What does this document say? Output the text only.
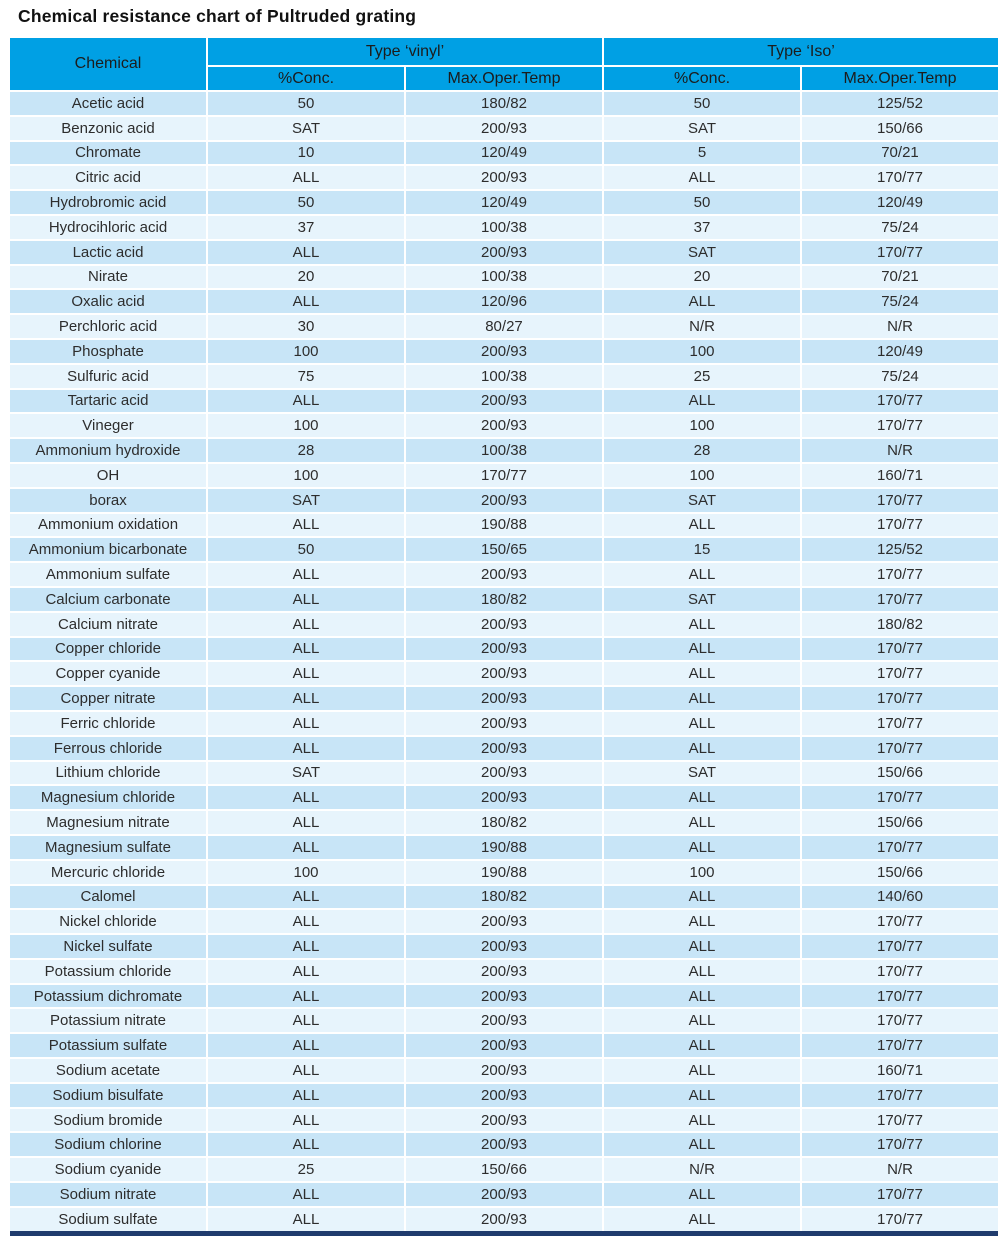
Chemical resistance chart of Pultruded grating
Chemical
Type ‘vinyl’	Type ‘Iso’
%Conc.	Max.Oper.Temp	%Conc.	Max.Oper.Temp
Acetic acid	50	180/82	50	125/52
Benzonic acid	SAT	200/93	SAT	150/66
Chromate	10	120/49	5	70/21
Citric acid	ALL	200/93	ALL	170/77
Hydrobromic acid	50	120/49	50	120/49
Hydrocihloric acid	37	100/38	37	75/24
Lactic acid	ALL	200/93	SAT	170/77
Nirate	20	100/38	20	70/21
Oxalic acid	ALL	120/96	ALL	75/24
Perchloric acid	30	80/27	N/R	N/R
Phosphate	100	200/93	100	120/49
Sulfuric acid	75	100/38	25	75/24
Tartaric acid	ALL	200/93	ALL	170/77
Vineger	100	200/93	100	170/77
Ammonium hydroxide	28	100/38	28	N/R
OH	100	170/77	100	160/71
borax	SAT	200/93	SAT	170/77
Ammonium oxidation	ALL	190/88	ALL	170/77
Ammonium bicarbonate	50	150/65	15	125/52
Ammonium sulfate	ALL	200/93	ALL	170/77
Calcium carbonate	ALL	180/82	SAT	170/77
Calcium nitrate	ALL	200/93	ALL	180/82
Copper chloride	ALL	200/93	ALL	170/77
Copper cyanide	ALL	200/93	ALL	170/77
Copper nitrate	ALL	200/93	ALL	170/77
Ferric chloride	ALL	200/93	ALL	170/77
Ferrous chloride	ALL	200/93	ALL	170/77
Lithium chloride	SAT	200/93	SAT	150/66
Magnesium chloride	ALL	200/93	ALL	170/77
Magnesium nitrate	ALL	180/82	ALL	150/66
Magnesium sulfate	ALL	190/88	ALL	170/77
Mercuric chloride	100	190/88	100	150/66
Calomel	ALL	180/82	ALL	140/60
Nickel chloride	ALL	200/93	ALL	170/77
Nickel sulfate	ALL	200/93	ALL	170/77
Potassium chloride	ALL	200/93	ALL	170/77
Potassium dichromate	ALL	200/93	ALL	170/77
Potassium nitrate	ALL	200/93	ALL	170/77
Potassium sulfate	ALL	200/93	ALL	170/77
Sodium acetate	ALL	200/93	ALL	160/71
Sodium bisulfate	ALL	200/93	ALL	170/77
Sodium bromide	ALL	200/93	ALL	170/77
Sodium chlorine	ALL	200/93	ALL	170/77
Sodium cyanide	25	150/66	N/R	N/R
Sodium nitrate	ALL	200/93	ALL	170/77
Sodium sulfate	ALL	200/93	ALL	170/77
